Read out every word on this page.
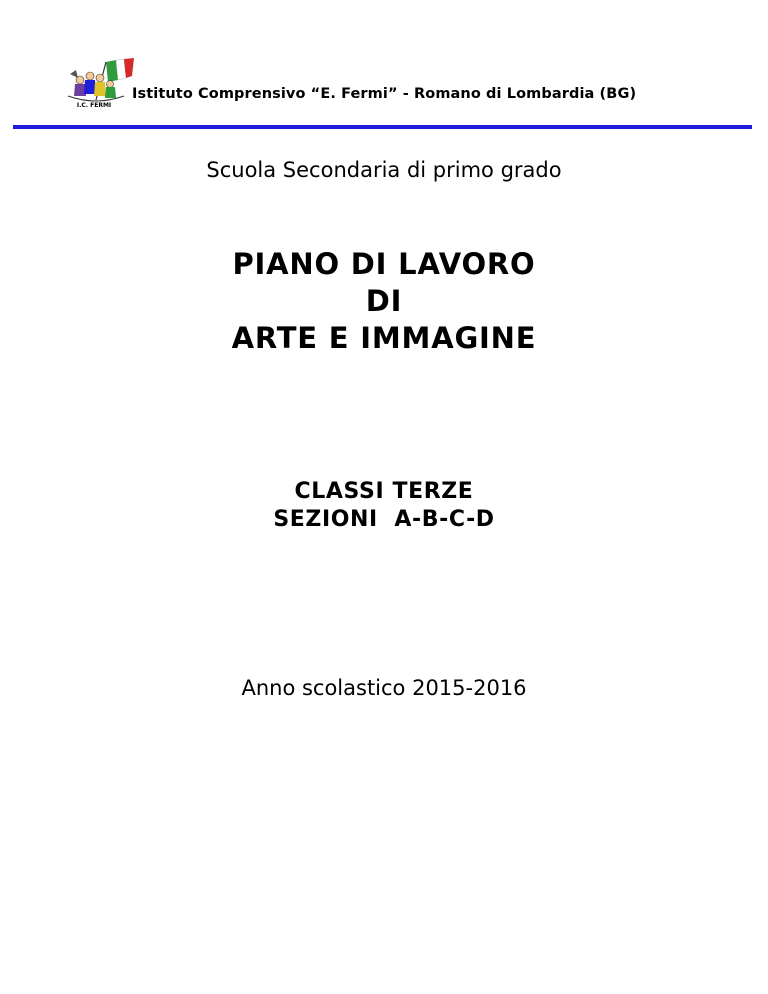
I.C. FERMI
Istituto Comprensivo “E. Fermi” - Romano di Lombardia (BG)
Scuola Secondaria di primo grado
PIANO DI LAVORO
DI
ARTE E IMMAGINE
CLASSI TERZE
SEZIONI  A-B-C-D
Anno scolastico 2015-2016
